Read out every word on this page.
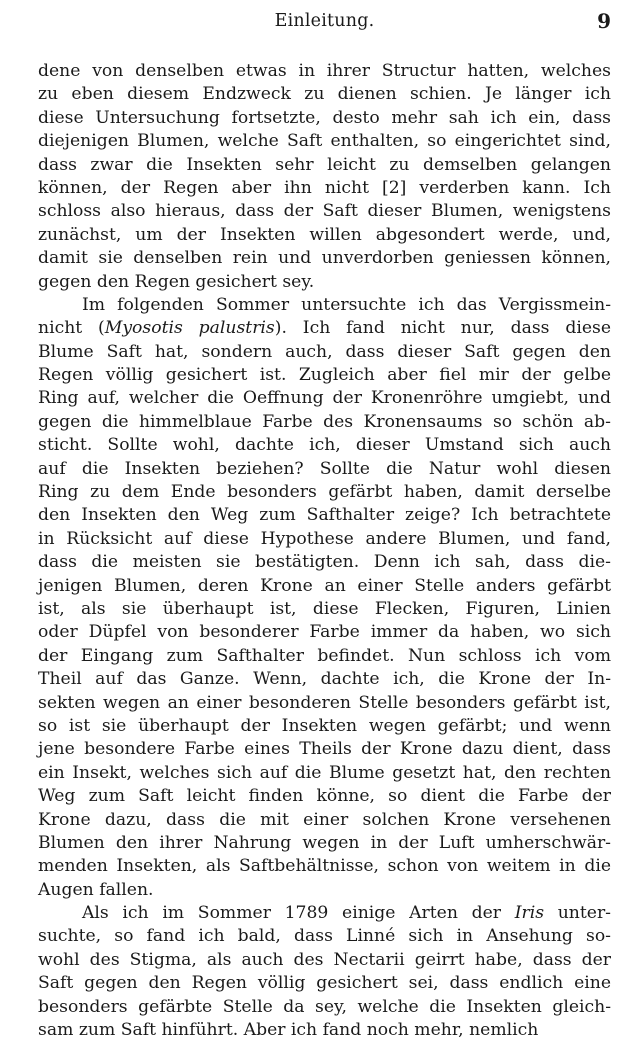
Einleitung.	9
dene von denselben etwas in ihrer Structur hatten, welches
zu eben diesem Endzweck zu dienen schien. Je länger ich
diese Untersuchung fortsetzte, desto mehr sah ich ein, dass
diejenigen Blumen, welche Saft enthalten, so eingerichtet sind,
dass zwar die Insekten sehr leicht zu demselben gelangen
können, der Regen aber ihn nicht [2] verderben kann. Ich
schloss also hieraus, dass der Saft dieser Blumen, wenigstens
zunächst, um der Insekten willen abgesondert werde, und,
damit sie denselben rein und unverdorben geniessen können,
gegen den Regen gesichert sey.
Im folgenden Sommer untersuchte ich das Vergissmein-
nicht (Myosotis palustris). Ich fand nicht nur, dass diese
Blume Saft hat, sondern auch, dass dieser Saft gegen den
Regen völlig gesichert ist. Zugleich aber fiel mir der gelbe
Ring auf, welcher die Oeffnung der Kronenröhre umgiebt, und
gegen die himmelblaue Farbe des Kronensaums so schön ab-
sticht. Sollte wohl, dachte ich, dieser Umstand sich auch
auf die Insekten beziehen? Sollte die Natur wohl diesen
Ring zu dem Ende besonders gefärbt haben, damit derselbe
den Insekten den Weg zum Safthalter zeige? Ich betrachtete
in Rücksicht auf diese Hypothese andere Blumen, und fand,
dass die meisten sie bestätigten. Denn ich sah, dass die-
jenigen Blumen, deren Krone an einer Stelle anders gefärbt
ist, als sie überhaupt ist, diese Flecken, Figuren, Linien
oder Düpfel von besonderer Farbe immer da haben, wo sich
der Eingang zum Safthalter befindet. Nun schloss ich vom
Theil auf das Ganze. Wenn, dachte ich, die Krone der In-
sekten wegen an einer besonderen Stelle besonders gefärbt ist,
so ist sie überhaupt der Insekten wegen gefärbt; und wenn
jene besondere Farbe eines Theils der Krone dazu dient, dass
ein Insekt, welches sich auf die Blume gesetzt hat, den rechten
Weg zum Saft leicht finden könne, so dient die Farbe der
Krone dazu, dass die mit einer solchen Krone versehenen
Blumen den ihrer Nahrung wegen in der Luft umherschwär-
menden Insekten, als Saftbehältnisse, schon von weitem in die
Augen fallen.
Als ich im Sommer 1789 einige Arten der Iris unter-
suchte, so fand ich bald, dass Linné sich in Ansehung so-
wohl des Stigma, als auch des Nectarii geirrt habe, dass der
Saft gegen den Regen völlig gesichert sei, dass endlich eine
besonders gefärbte Stelle da sey, welche die Insekten gleich-
sam zum Saft hinführt. Aber ich fand noch mehr, nemlich
